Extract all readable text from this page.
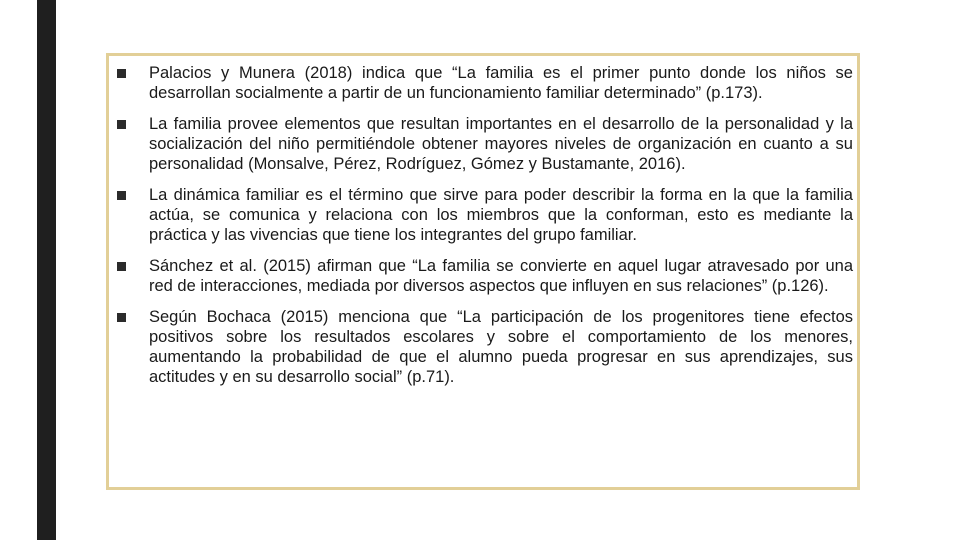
Palacios y Munera (2018) indica que “La familia es el primer punto donde los niños se desarrollan socialmente a partir de un funcionamiento familiar determinado” (p.173).
La familia provee elementos que resultan importantes en el desarrollo de la personalidad y la socialización del niño permitiéndole obtener mayores niveles de organización en cuanto a su personalidad (Monsalve, Pérez, Rodríguez, Gómez y Bustamante, 2016).
La dinámica familiar es el término que sirve para poder describir la forma en la que la familia actúa, se comunica y relaciona con los miembros que la conforman, esto es mediante la práctica y las vivencias que tiene los integrantes del grupo familiar.
Sánchez et al. (2015) afirman que “La familia se convierte en aquel lugar atravesado por una red de interacciones, mediada por diversos aspectos que influyen en sus relaciones” (p.126).
Según Bochaca (2015) menciona que “La participación de los progenitores tiene efectos positivos sobre los resultados escolares y sobre el comportamiento de los menores, aumentando la probabilidad de que el alumno pueda progresar en sus aprendizajes, sus actitudes y en su desarrollo social” (p.71).
